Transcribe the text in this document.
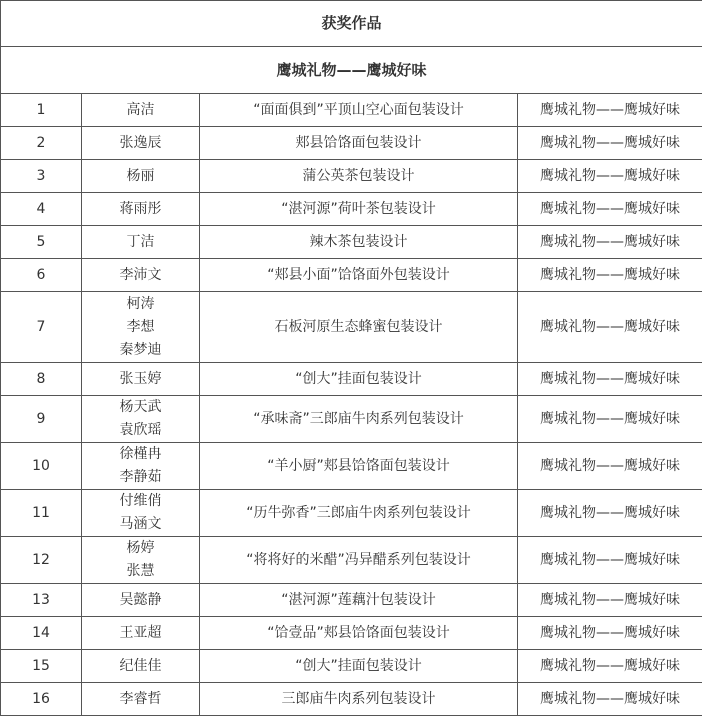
获奖作品			
鹰城礼物——鹰城好味			
1	高洁	“面面俱到”平顶山空心面包装设计	鹰城礼物——鹰城好味
2	张逸辰	郏县饸饹面包装设计	鹰城礼物——鹰城好味
3	杨丽	蒲公英茶包装设计	鹰城礼物——鹰城好味
4	蒋雨彤	“湛河源”荷叶茶包装设计	鹰城礼物——鹰城好味
5	丁洁	辣木茶包装设计	鹰城礼物——鹰城好味
6	李沛文	“郏县小面”饸饹面外包装设计	鹰城礼物——鹰城好味
7	柯涛
李想
秦梦迪	石板河原生态蜂蜜包装设计	鹰城礼物——鹰城好味
8	张玉婷	“创大”挂面包装设计	鹰城礼物——鹰城好味
9	杨天武
袁欣瑶	“承味斋”三郎庙牛肉系列包装设计	鹰城礼物——鹰城好味
10	徐槿冉
李静茹	“羊小厨”郏县饸饹面包装设计	鹰城礼物——鹰城好味
11	付维俏
马涵文	“历牛弥香”三郎庙牛肉系列包装设计	鹰城礼物——鹰城好味
12	杨婷
张慧	“将将好的米醋”冯异醋系列包装设计	鹰城礼物——鹰城好味
13	吴懿静	“湛河源”莲藕汁包装设计	鹰城礼物——鹰城好味
14	王亚超	“饸壹品”郏县饸饹面包装设计	鹰城礼物——鹰城好味
15	纪佳佳	“创大”挂面包装设计	鹰城礼物——鹰城好味
16	李睿哲	三郎庙牛肉系列包装设计	鹰城礼物——鹰城好味
